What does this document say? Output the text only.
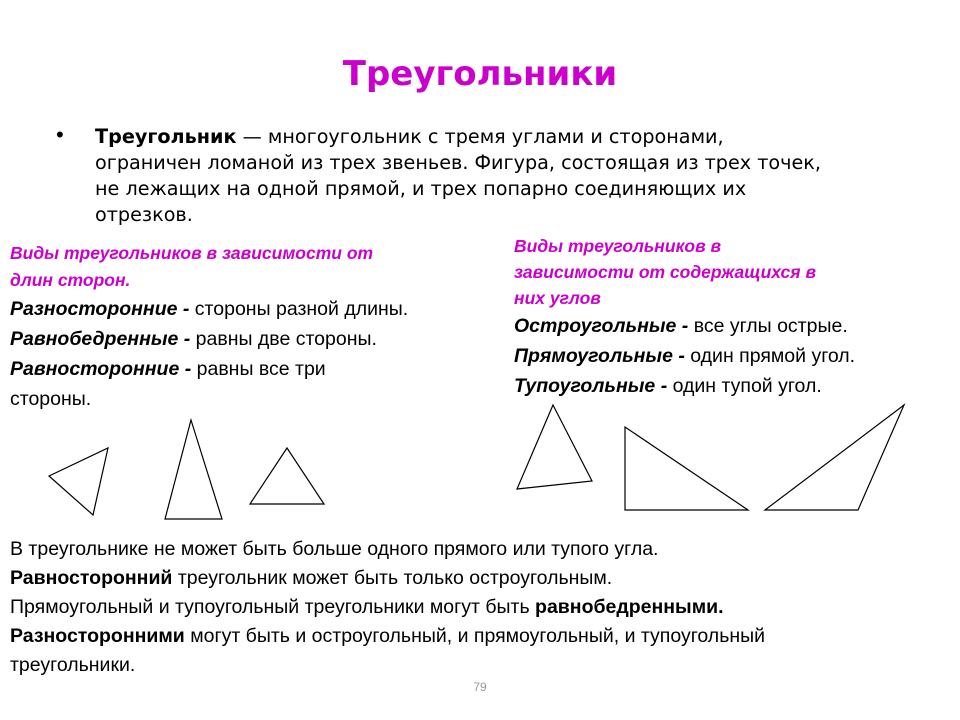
Треугольники
• Треугольник — многоугольник с тремя углами и сторонами,
ограничен ломаной из трех звеньев. Фигура, состоящая из трех точек,
не лежащих на одной прямой, и трех попарно соединяющих их
отрезков.
Виды треугольников в зависимости от
длин сторон.
Разносторонние - стороны разной длины.
Равнобедренные - равны две стороны.
Равносторонние - равны все три
стороны.
Виды треугольников в
зависимости от содержащихся в
них углов
Остроугольные - все углы острые.
Прямоугольные - один прямой угол.
Тупоугольные - один тупой угол.
В треугольнике не может быть больше одного прямого или тупого угла.
Равносторонний треугольник может быть только остроугольным.
Прямоугольный и тупоугольный треугольники могут быть равнобедренными.
Разносторонними могут быть и остроугольный, и прямоугольный, и тупоугольный
треугольники.
79
